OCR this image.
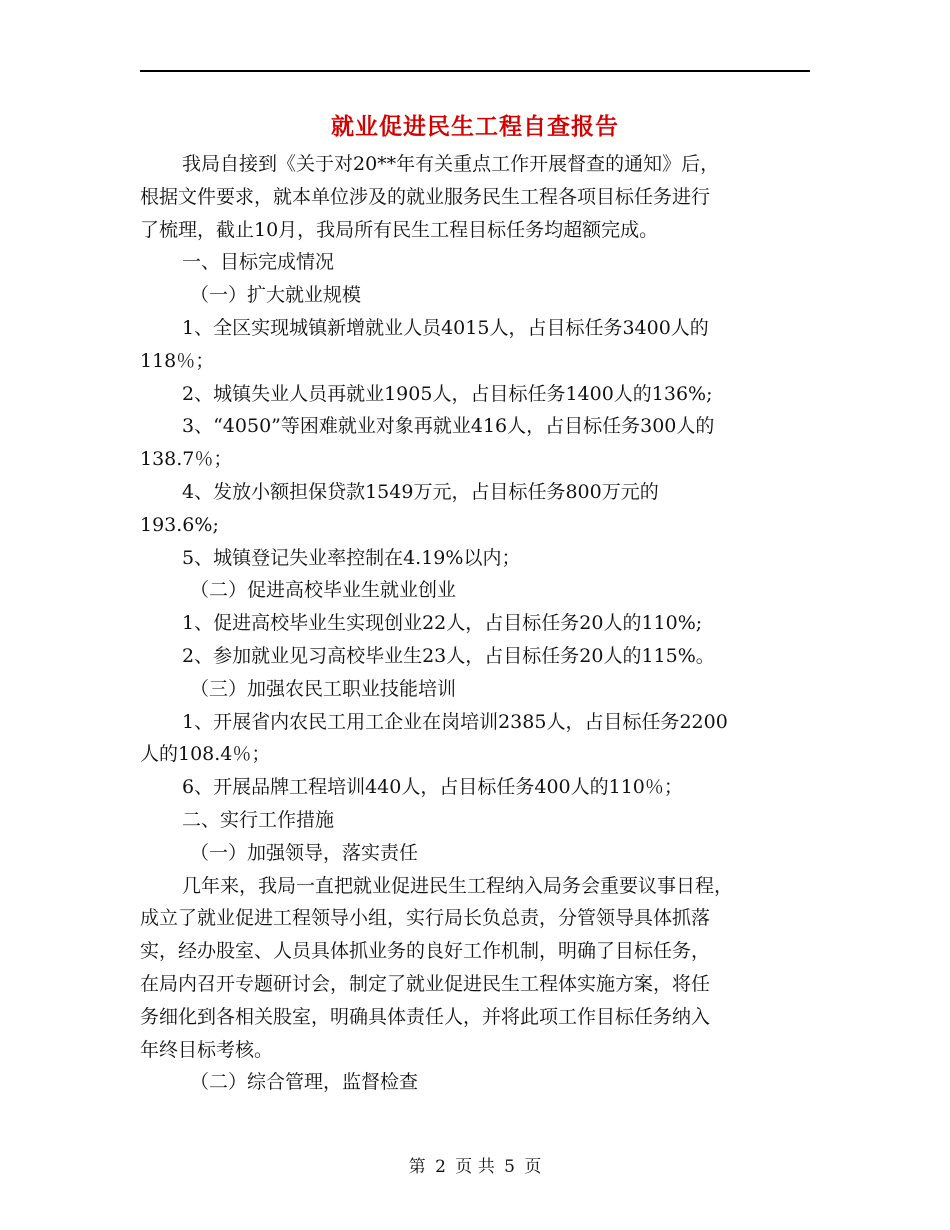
就业促进民生工程自查报告
我局自接到《关于对20**年有关重点工作开展督查的通知》后，
根据文件要求，就本单位涉及的就业服务民生工程各项目标任务进行
了梳理，截止10月，我局所有民生工程目标任务均超额完成。
一、目标完成情况
（一）扩大就业规模
1、全区实现城镇新增就业人员4015人，占目标任务3400人的
118％；
2、城镇失业人员再就业1905人，占目标任务1400人的136%;
3、“4050”等困难就业对象再就业416人，占目标任务300人的
138.7％；
4、发放小额担保贷款1549万元，占目标任务800万元的
193.6%;
5、城镇登记失业率控制在4.19%以内；
（二）促进高校毕业生就业创业
1、促进高校毕业生实现创业22人，占目标任务20人的110%;
2、参加就业见习高校毕业生23人，占目标任务20人的115%。
（三）加强农民工职业技能培训
1、开展省内农民工用工企业在岗培训2385人，占目标任务2200
人的108.4％；
6、开展品牌工程培训440人，占目标任务400人的110％；
二、实行工作措施
（一）加强领导，落实责任
几年来，我局一直把就业促进民生工程纳入局务会重要议事日程，
成立了就业促进工程领导小组，实行局长负总责，分管领导具体抓落
实，经办股室、人员具体抓业务的良好工作机制，明确了目标任务，
在局内召开专题研讨会，制定了就业促进民生工程体实施方案，将任
务细化到各相关股室，明确具体责任人，并将此项工作目标任务纳入
年终目标考核。
（二）综合管理，监督检查
第 2 页 共 5 页
